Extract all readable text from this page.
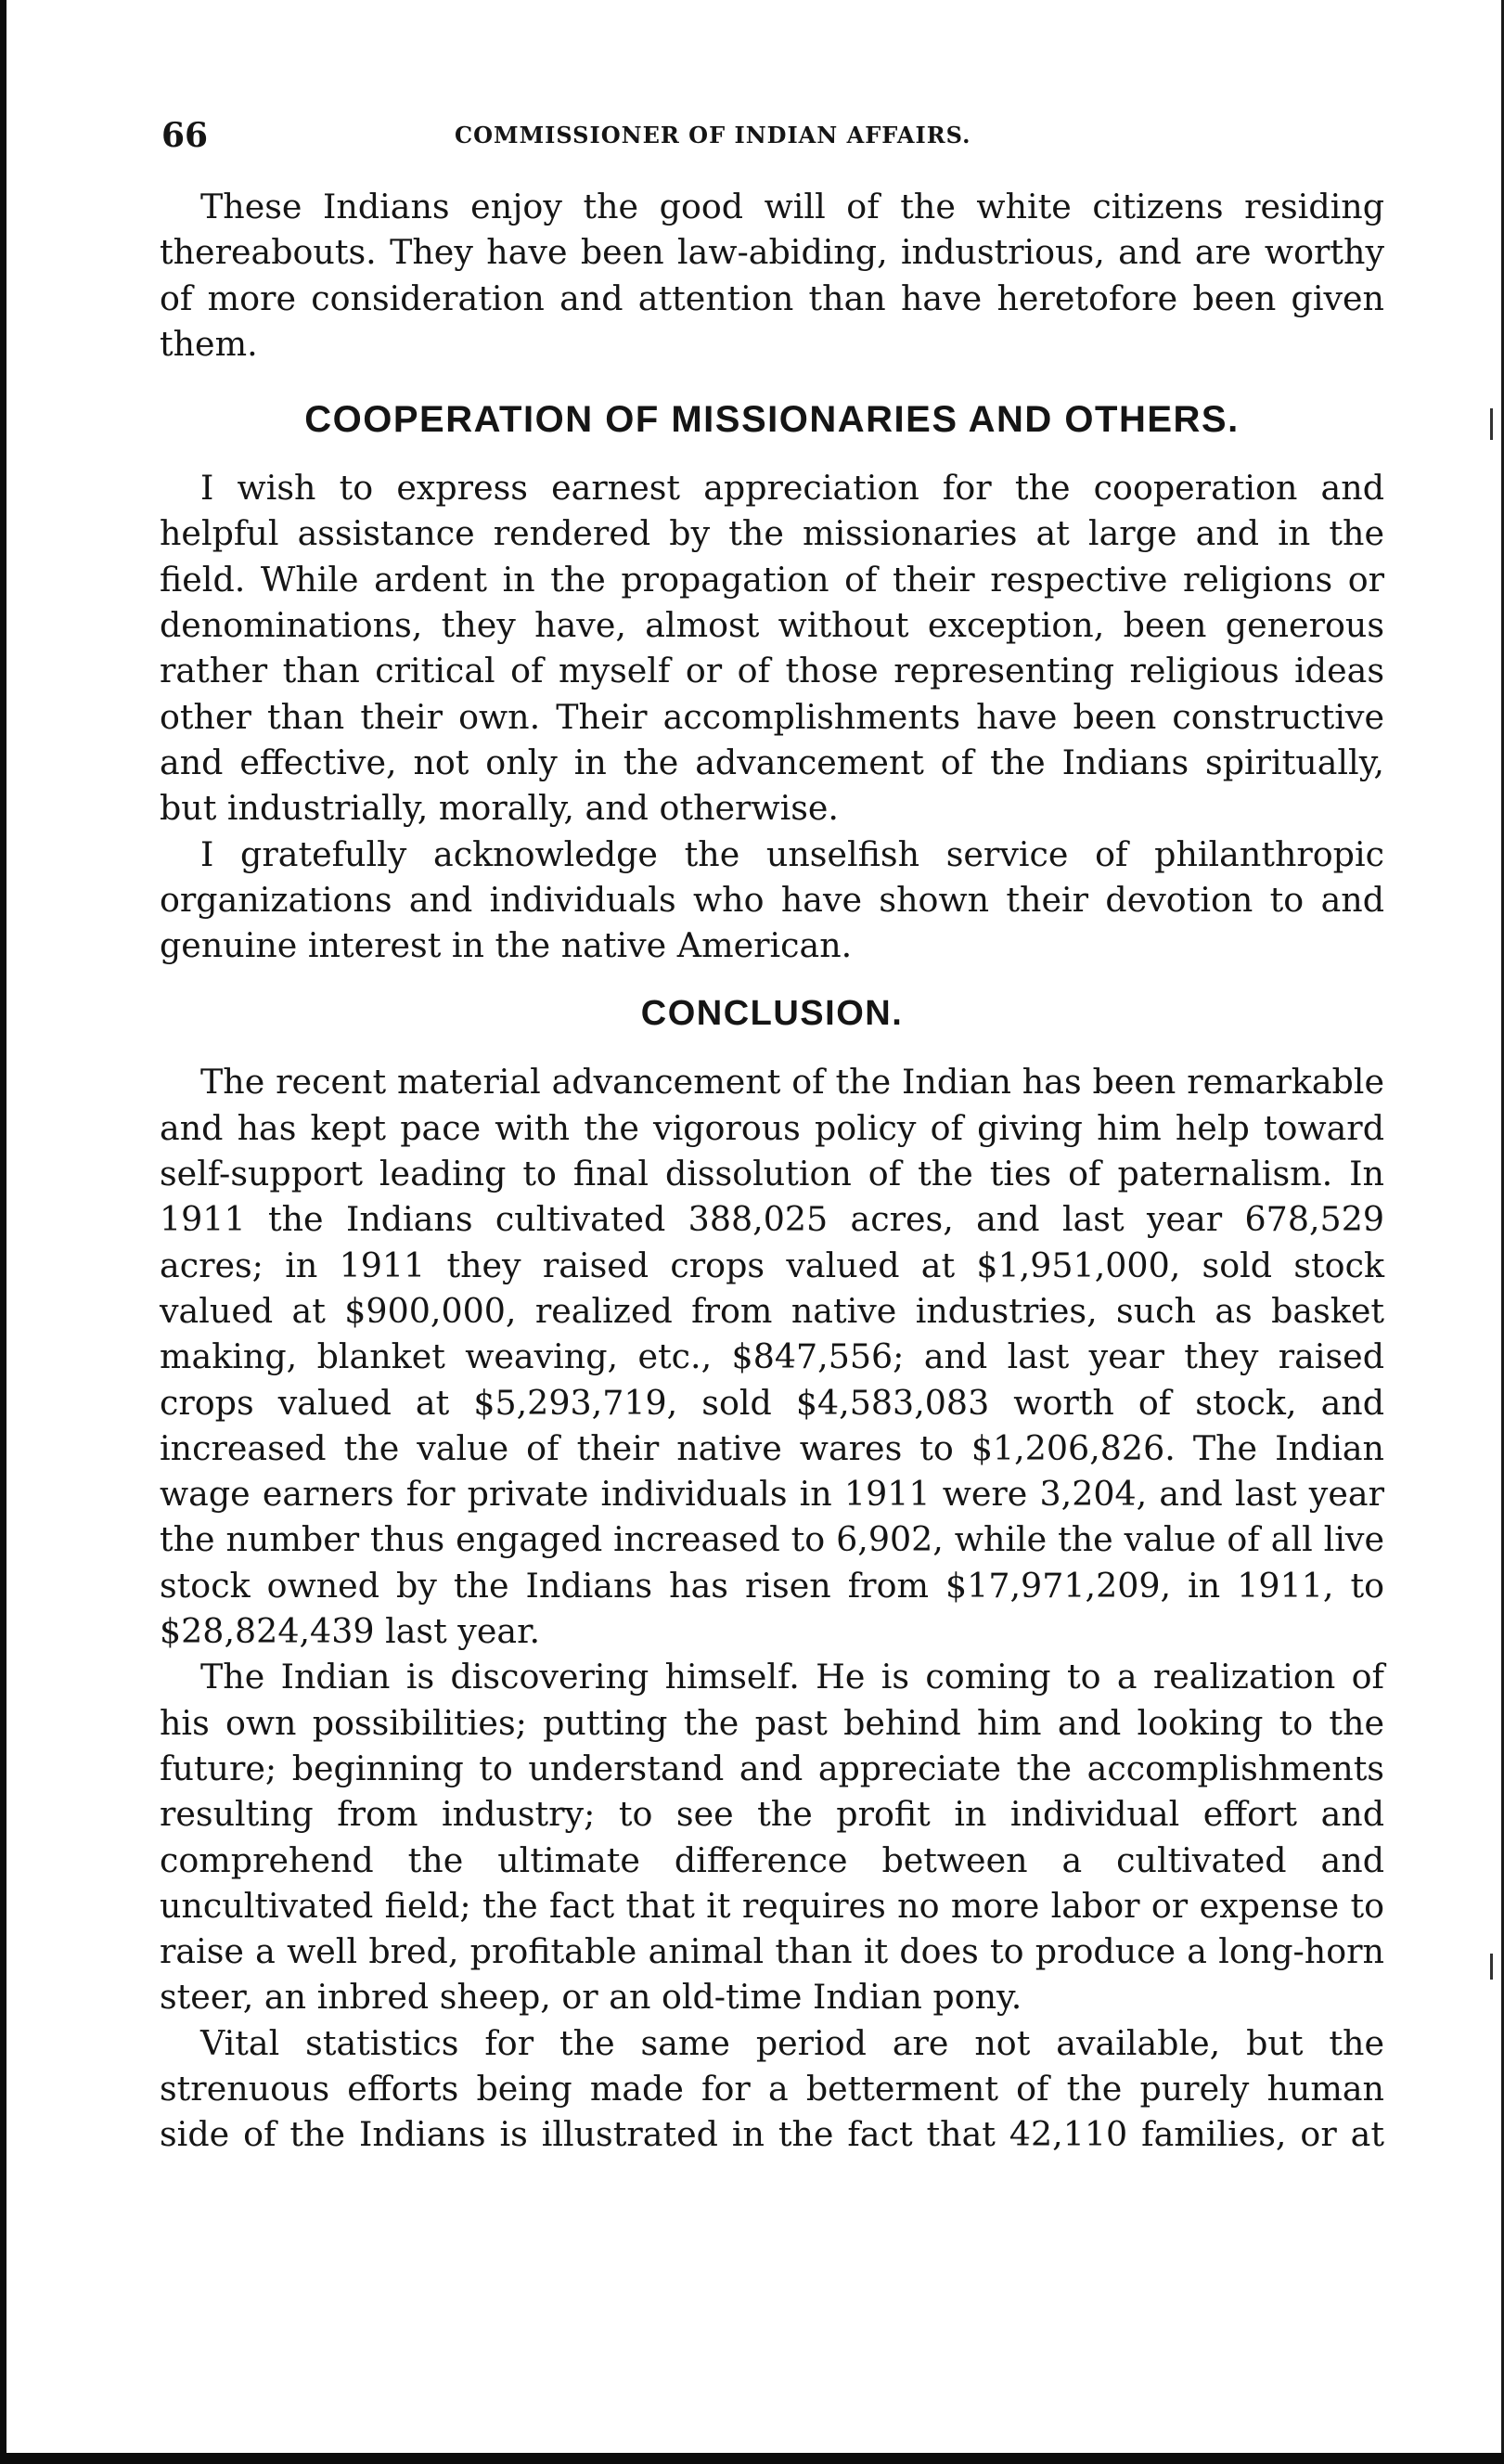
66	COMMISSIONER OF INDIAN AFFAIRS.

These Indians enjoy the good will of the white citizens residing thereabouts. They have been law-abiding, industrious, and are worthy of more consideration and attention than have heretofore been given them.

COOPERATION OF MISSIONARIES AND OTHERS.

I wish to express earnest appreciation for the cooperation and helpful assistance rendered by the missionaries at large and in the field. While ardent in the propagation of their respective religions or denominations, they have, almost without exception, been generous rather than critical of myself or of those representing religious ideas other than their own. Their accomplishments have been constructive and effective, not only in the advancement of the Indians spiritually, but industrially, morally, and otherwise.

I gratefully acknowledge the unselfish service of philanthropic organizations and individuals who have shown their devotion to and genuine interest in the native American.

CONCLUSION.

The recent material advancement of the Indian has been remarkable and has kept pace with the vigorous policy of giving him help toward self-support leading to final dissolution of the ties of paternalism. In 1911 the Indians cultivated 388,025 acres, and last year 678,529 acres; in 1911 they raised crops valued at $1,951,000, sold stock valued at $900,000, realized from native industries, such as basket making, blanket weaving, etc., $847,556; and last year they raised crops valued at $5,293,719, sold $4,583,083 worth of stock, and increased the value of their native wares to $1,206,826. The Indian wage earners for private individuals in 1911 were 3,204, and last year the number thus engaged increased to 6,902, while the value of all live stock owned by the Indians has risen from $17,971,209, in 1911, to $28,824,439 last year.

The Indian is discovering himself. He is coming to a realization of his own possibilities; putting the past behind him and looking to the future; beginning to understand and appreciate the accomplishments resulting from industry; to see the profit in individual effort and comprehend the ultimate difference between a cultivated and uncultivated field; the fact that it requires no more labor or expense to raise a well bred, profitable animal than it does to produce a long-horn steer, an inbred sheep, or an old-time Indian pony.

Vital statistics for the same period are not available, but the strenuous efforts being made for a betterment of the purely human side of the Indians is illustrated in the fact that 42,110 families, or at
